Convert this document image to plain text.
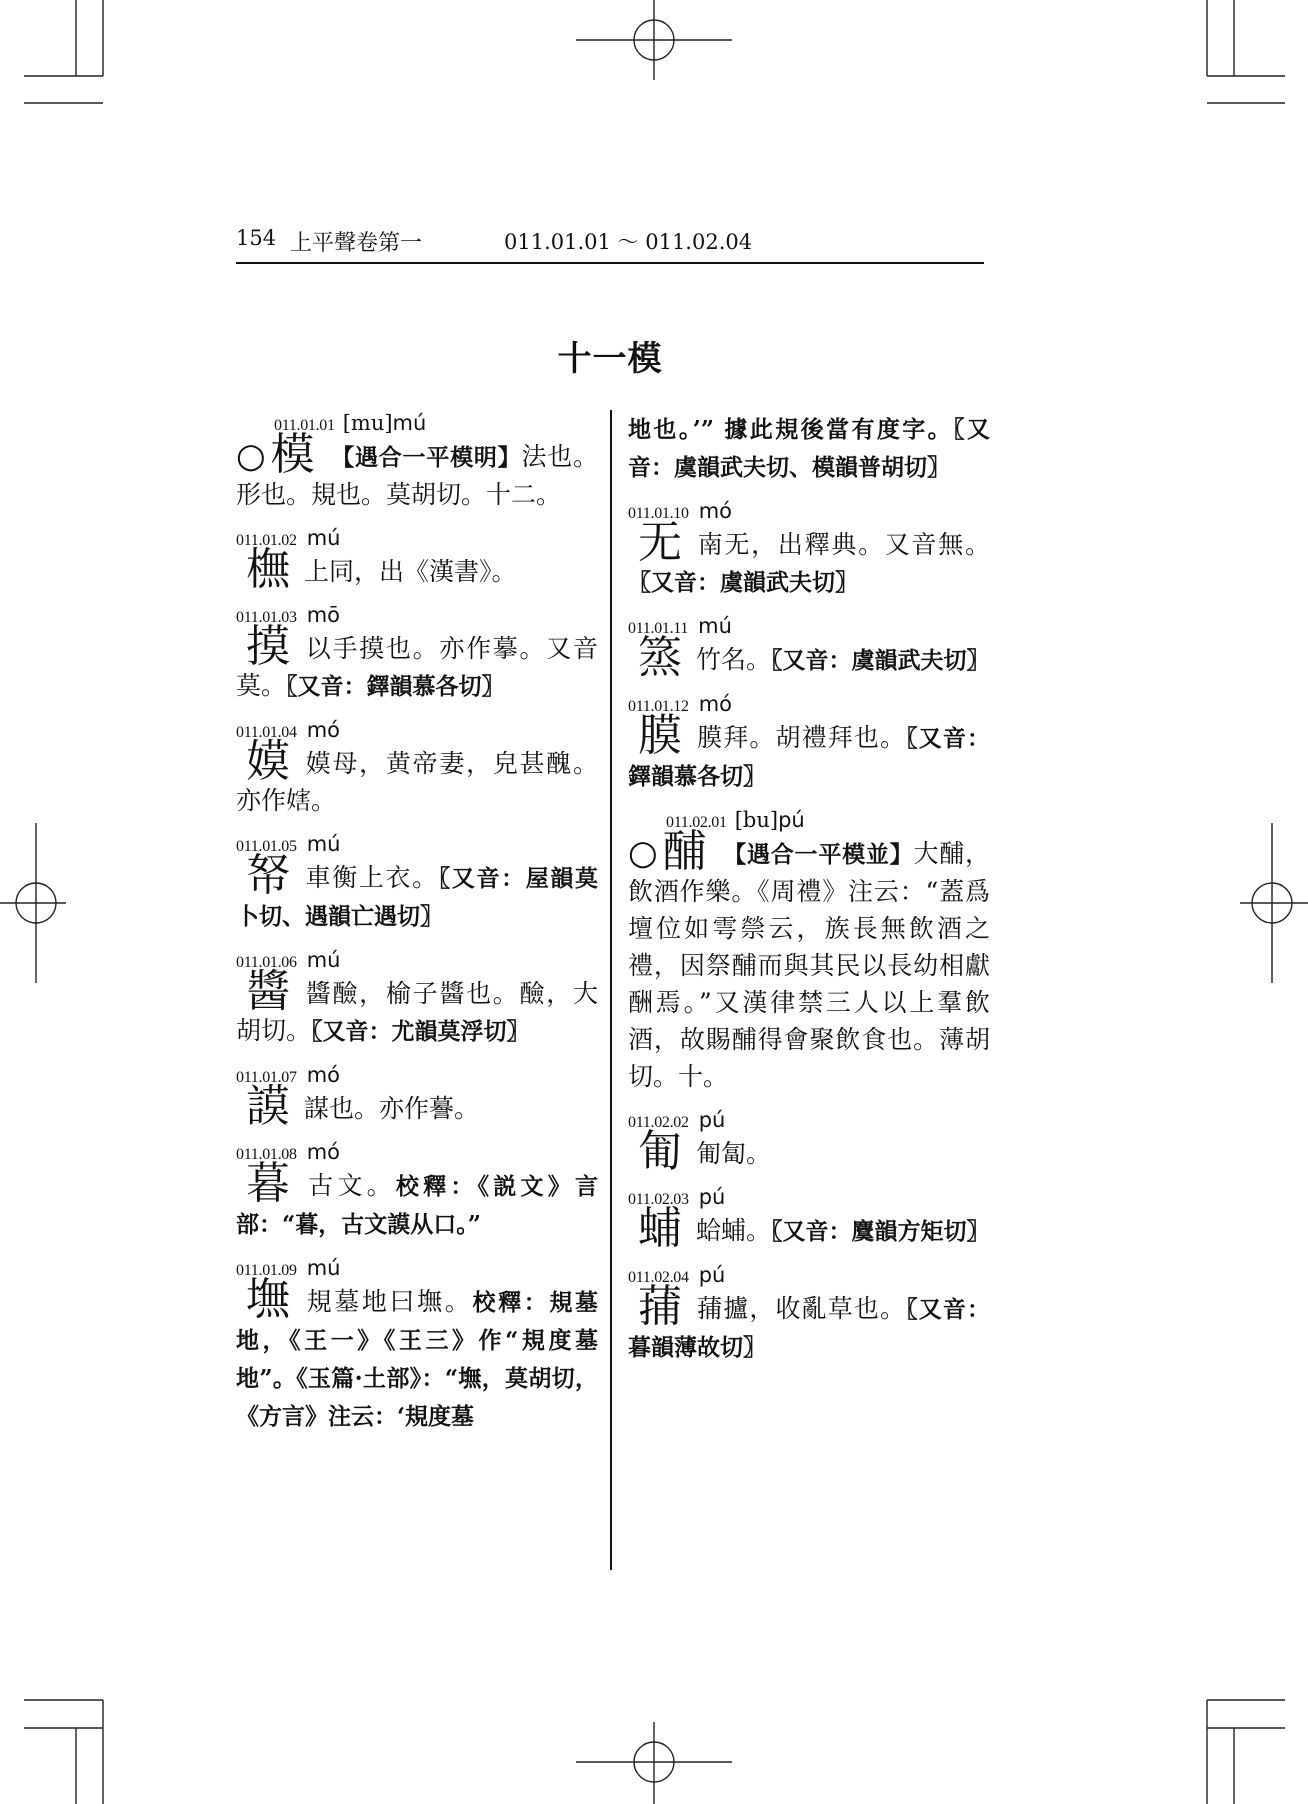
154 上平聲卷第一	011.01.01 ～ 011.02.04
十一模
011.01.01 [mu]mú
○模 【遇合一平模明】法也。形也。規也。莫胡切。十二。
011.01.02 mú
橅上同，出《漢書》。
011.01.03 mō
摸以手摸也。亦作摹。又音莫。〖又音：鐸韻慕各切〗
011.01.04 mó
嫫嫫母，黄帝妻，皃甚醜。亦作𡟲。
011.01.05 mú
帑車衡上衣。〖又音：屋韻莫卜切、遇韻亡遇切〗
011.01.06 mú
醬醬醶，榆子醬也。醶，大胡切。〖又音：尤韻莫浮切〗
011.01.07 mó
謨謀也。亦作謩。
011.01.08 mó
暮古文。校釋：《説文》言部：“暮，古文謨从口。”
011.01.09 mú
墲規墓地曰墲。校釋：規墓地，《王一》《王三》作“規度墓地”。《玉篇·土部》：“墲，莫胡切，《方言》注云：‘規度墓
地也。’” 據此規後當有度字。〖又音：虞韻武夫切、模韻普胡切〗
011.01.10 mó
无南无，出釋典。又音無。〖又音：虞韻武夫切〗
011.01.11 mú
篜竹名。〖又音：虞韻武夫切〗
011.01.12 mó
膜膜拜。胡禮拜也。〖又音：鐸韻慕各切〗
011.02.01 [bu]pú
○酺 【遇合一平模並】大酺，飲酒作樂。《周禮》注云：“蓋爲壇位如雩禜云，族長無飲酒之禮，因祭酺而與其民以長幼相獻酬焉。”又漢律禁三人以上羣飲酒，故賜酺得會聚飲食也。薄胡切。十。
011.02.02 pú
匍匍匐。
011.02.03 pú
蜅蛤蜅。〖又音：麌韻方矩切〗
011.02.04 pú
蒱蒱攎，收亂草也。〖又音：暮韻薄故切〗
